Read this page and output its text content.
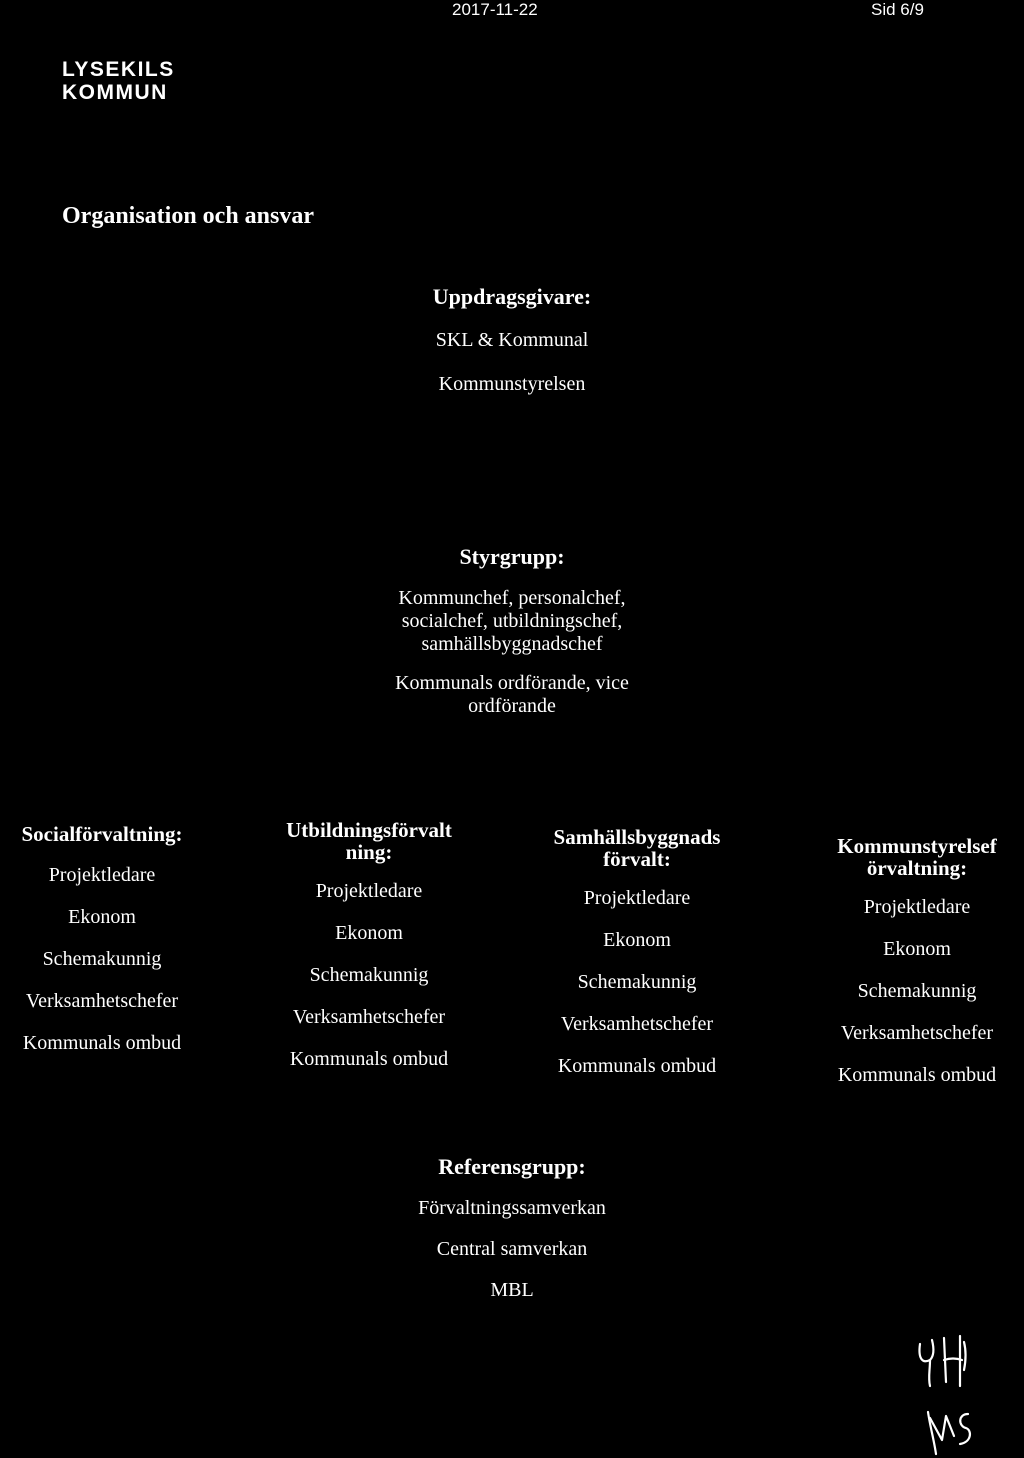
2017-11-22	Sid 6/9
LYSEKILS
KOMMUN
Organisation och ansvar
Uppdragsgivare:
SKL & Kommunal
Kommunstyrelsen
Styrgrupp:
Kommunchef, personalchef,
socialchef, utbildningschef,
samhällsbyggnadschef
Kommunals ordförande, vice
ordförande
Socialförvaltning:
Projektledare
Ekonom
Schemakunnig
Verksamhetschefer
Kommunals ombud
Utbildningsförvalt
ning:
Projektledare
Ekonom
Schemakunnig
Verksamhetschefer
Kommunals ombud
Samhällsbyggnads
förvalt:
Projektledare
Ekonom
Schemakunnig
Verksamhetschefer
Kommunals ombud
Kommunstyrelsef
örvaltning:
Projektledare
Ekonom
Schemakunnig
Verksamhetschefer
Kommunals ombud
Referensgrupp:
Förvaltningssamverkan
Central samverkan
MBL
